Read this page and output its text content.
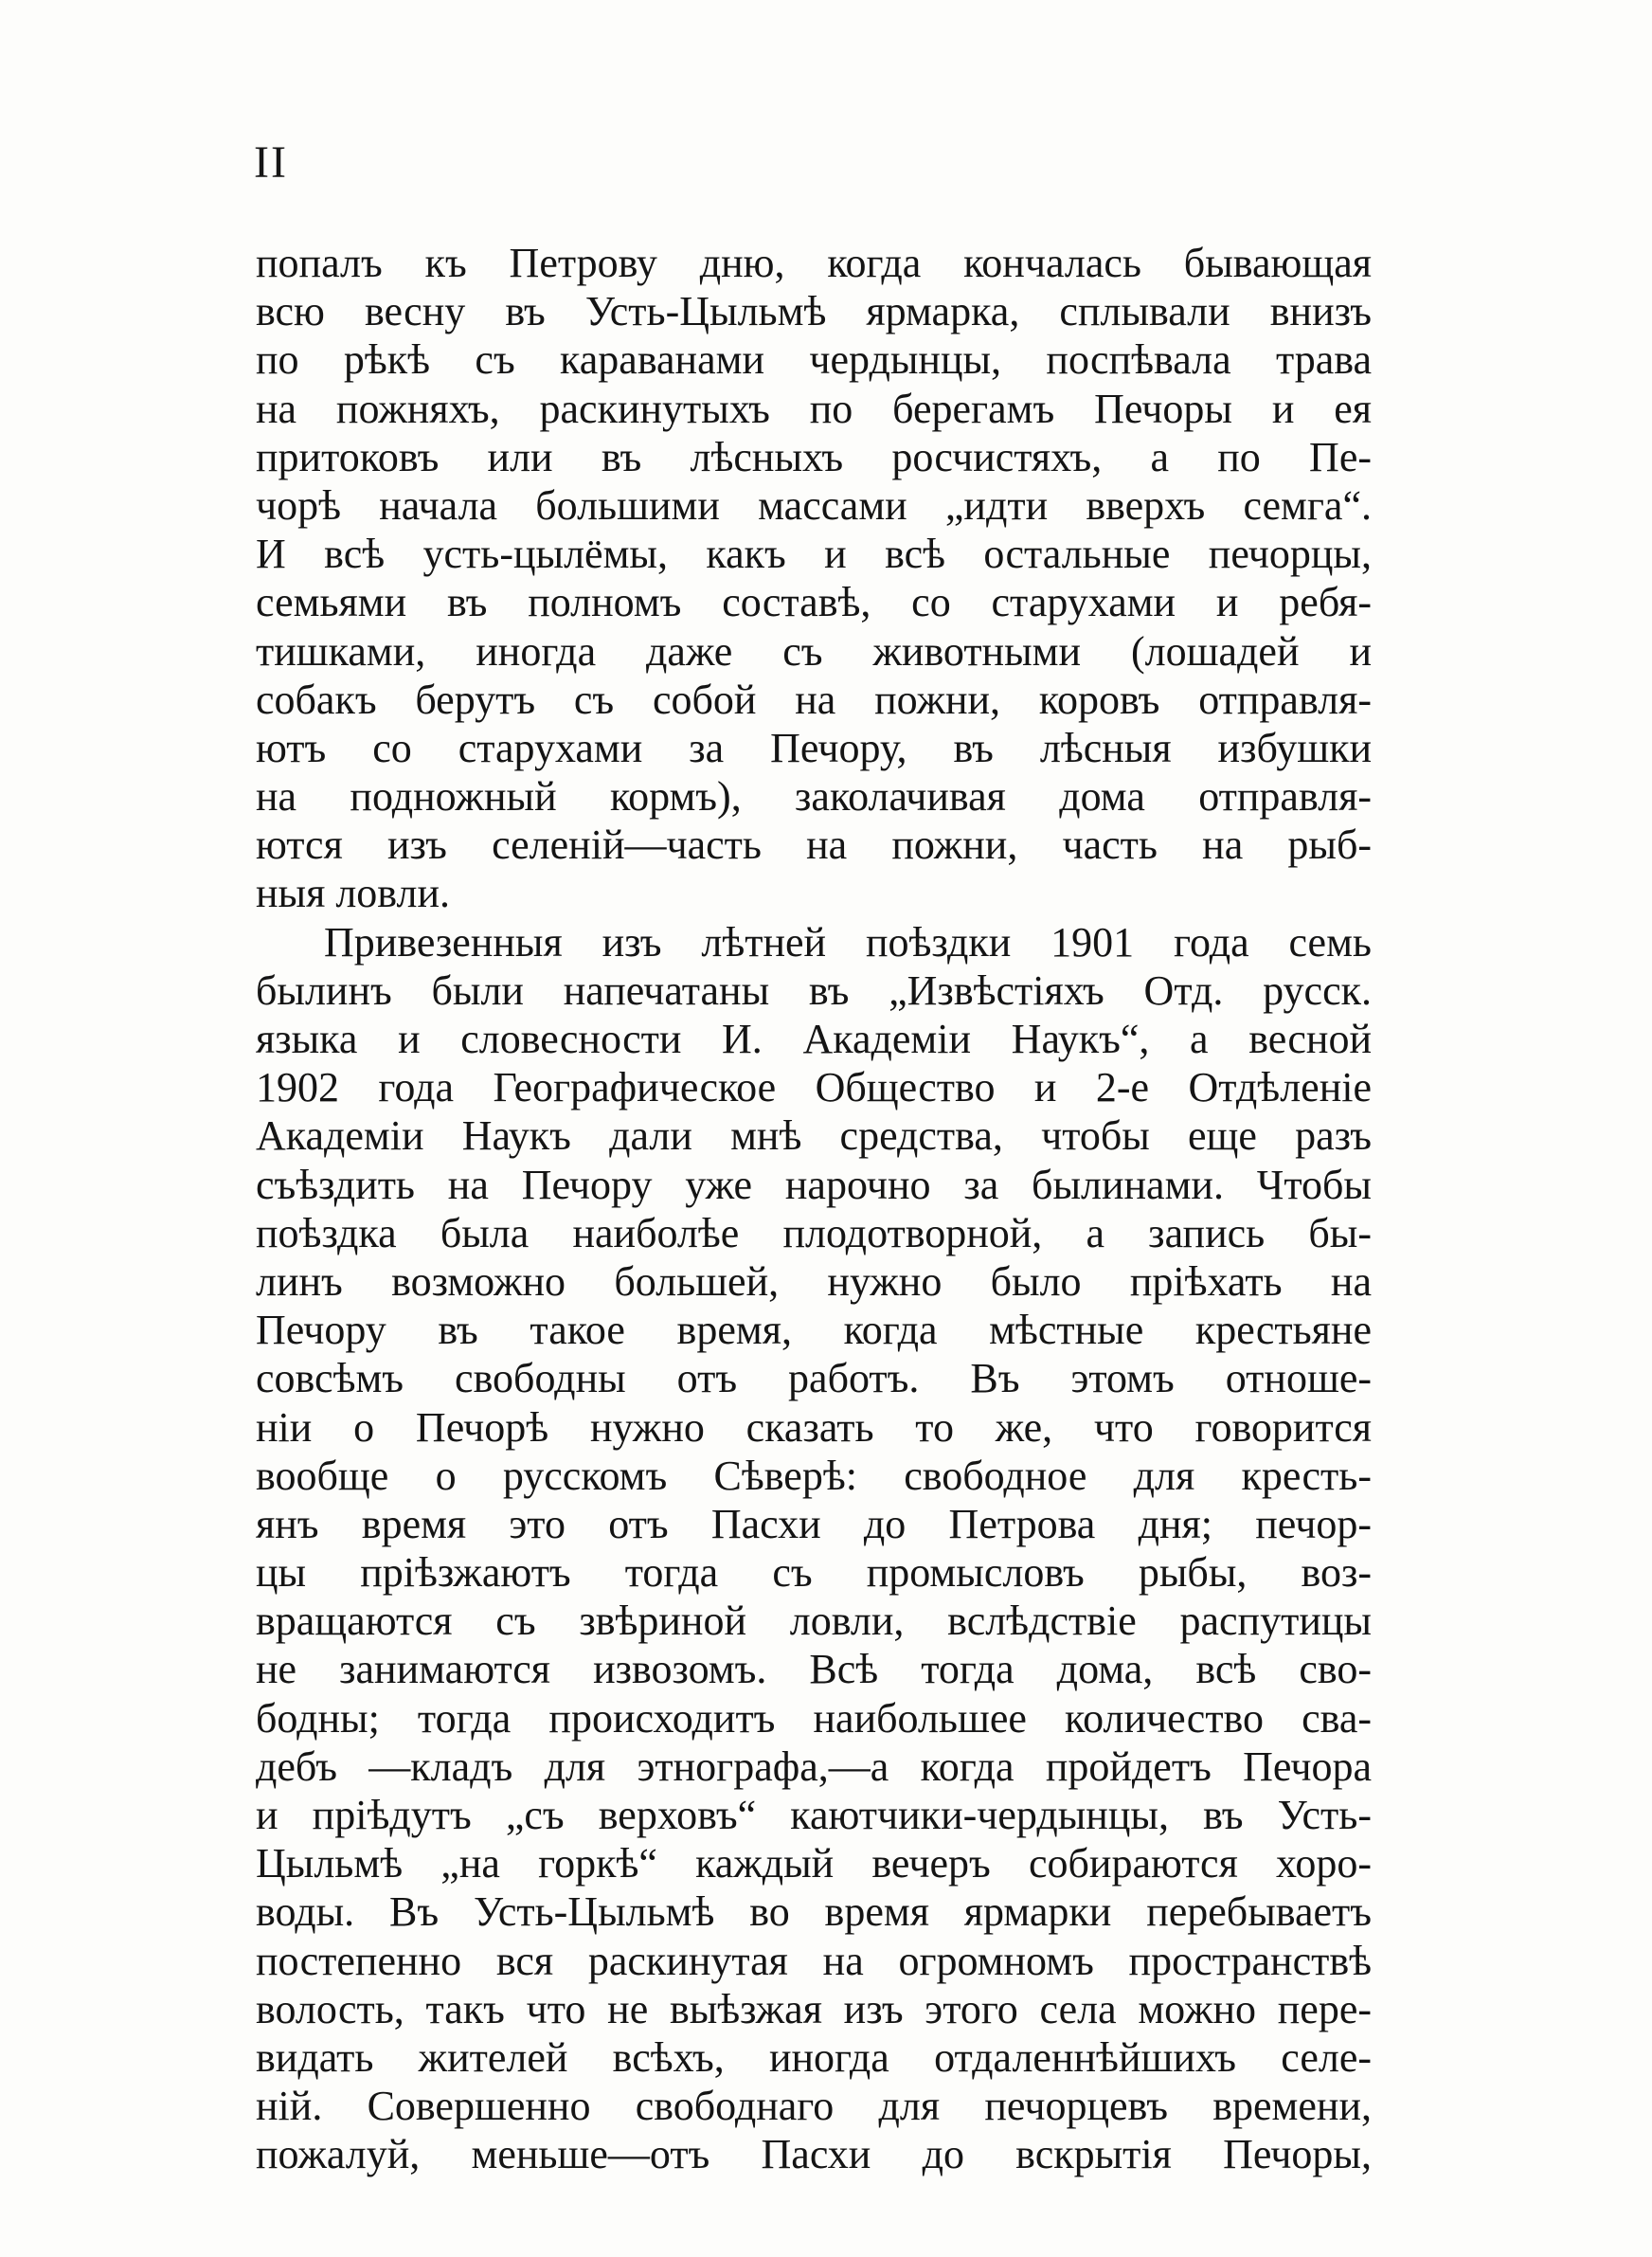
II
попалъ къ Петрову дню, когда кончалась бывающая
всю весну въ Усть-Цыльмѣ ярмарка, сплывали внизъ
по рѣкѣ съ караванами чердынцы, поспѣвала трава
на пожняхъ, раскинутыхъ по берегамъ Печоры и ея
притоковъ или въ лѣсныхъ росчистяхъ, а по Пе-
чорѣ начала большими массами „идти вверхъ семга“.
И всѣ усть-цылёмы, какъ и всѣ остальные печорцы,
семьями въ полномъ составѣ, со старухами и ребя-
тишками, иногда даже съ животными (лошадей и
собакъ берутъ съ собой на пожни, коровъ отправля-
ютъ со старухами за Печору, въ лѣсныя избушки
на подножный кормъ), заколачивая дома отправля-
ются изъ селеній—часть на пожни, часть на рыб-
ныя ловли.
Привезенныя изъ лѣтней поѣздки 1901 года семь
былинъ были напечатаны въ „Извѣстіяхъ Отд. русск.
языка и словесности И. Академіи Наукъ“, а весной
1902 года Географическое Общество и 2-е Отдѣленіе
Академіи Наукъ дали мнѣ средства, чтобы еще разъ
съѣздить на Печору уже нарочно за былинами. Чтобы
поѣздка была наиболѣе плодотворной, а запись бы-
линъ возможно большей, нужно было пріѣхать на
Печору въ такое время, когда мѣстные крестьяне
совсѣмъ свободны отъ работъ. Въ этомъ отноше-
ніи о Печорѣ нужно сказать то же, что говорится
вообще о русскомъ Сѣверѣ: свободное для кресть-
янъ время это отъ Пасхи до Петрова дня; печор-
цы пріѣзжаютъ тогда съ промысловъ рыбы, воз-
вращаются съ звѣриной ловли, вслѣдствіе распутицы
не занимаются извозомъ. Всѣ тогда дома, всѣ сво-
бодны; тогда происходитъ наибольшее количество сва-
дебъ —кладъ для этнографа,—а когда пройдетъ Печора
и пріѣдутъ „съ верховъ“ каютчики-чердынцы, въ Усть-
Цыльмѣ „на горкѣ“ каждый вечеръ собираются хоро-
воды. Въ Усть-Цыльмѣ во время ярмарки перебываетъ
постепенно вся раскинутая на огромномъ пространствѣ
волость, такъ что не выѣзжая изъ этого села можно пере-
видать жителей всѣхъ, иногда отдаленнѣйшихъ селе-
ній. Совершенно свободнаго для печорцевъ времени,
пожалуй, меньше—отъ Пасхи до вскрытія Печоры,
